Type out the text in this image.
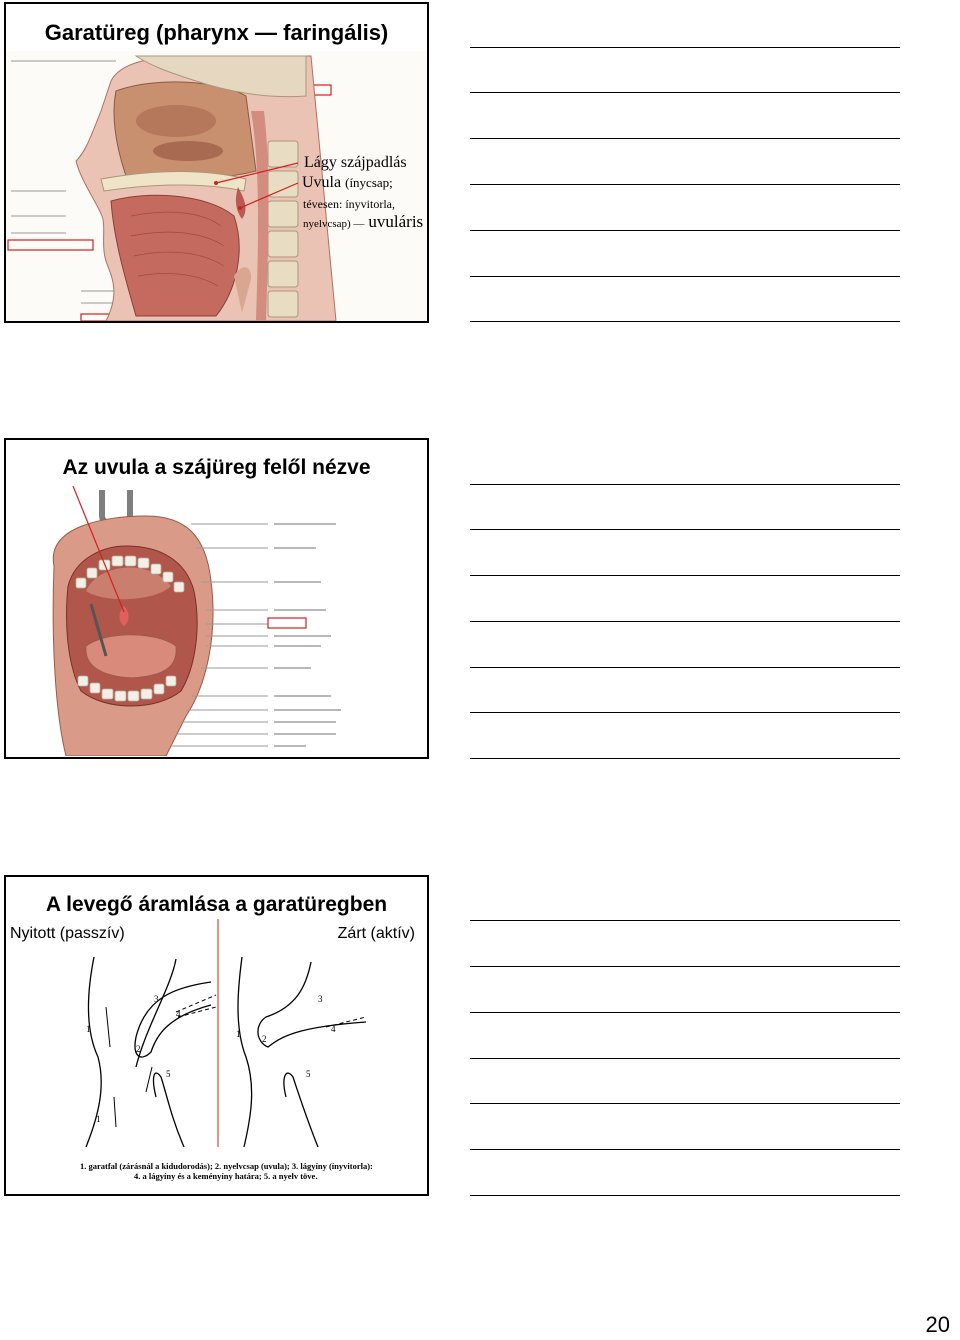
Garatüreg (pharynx — faringális)
Lágy szájpadlás
Uvula (ínycsap;
tévesen: ínyvitorla,
nyelvcsap) — uvuláris
Az uvula a szájüreg felől nézve
A levegő áramlása a garatüregben
Nyitott (passzív)	Zárt (aktív)
3
4
1
2
5
1
3
4
1 2
5
1. garatfal (zárásnál a kidudorodás); 2. nyelvcsap (uvula); 3. lágyíny (ínyvitorla):
4. a lágyíny és a keményíny határa; 5. a nyelv töve.
20
